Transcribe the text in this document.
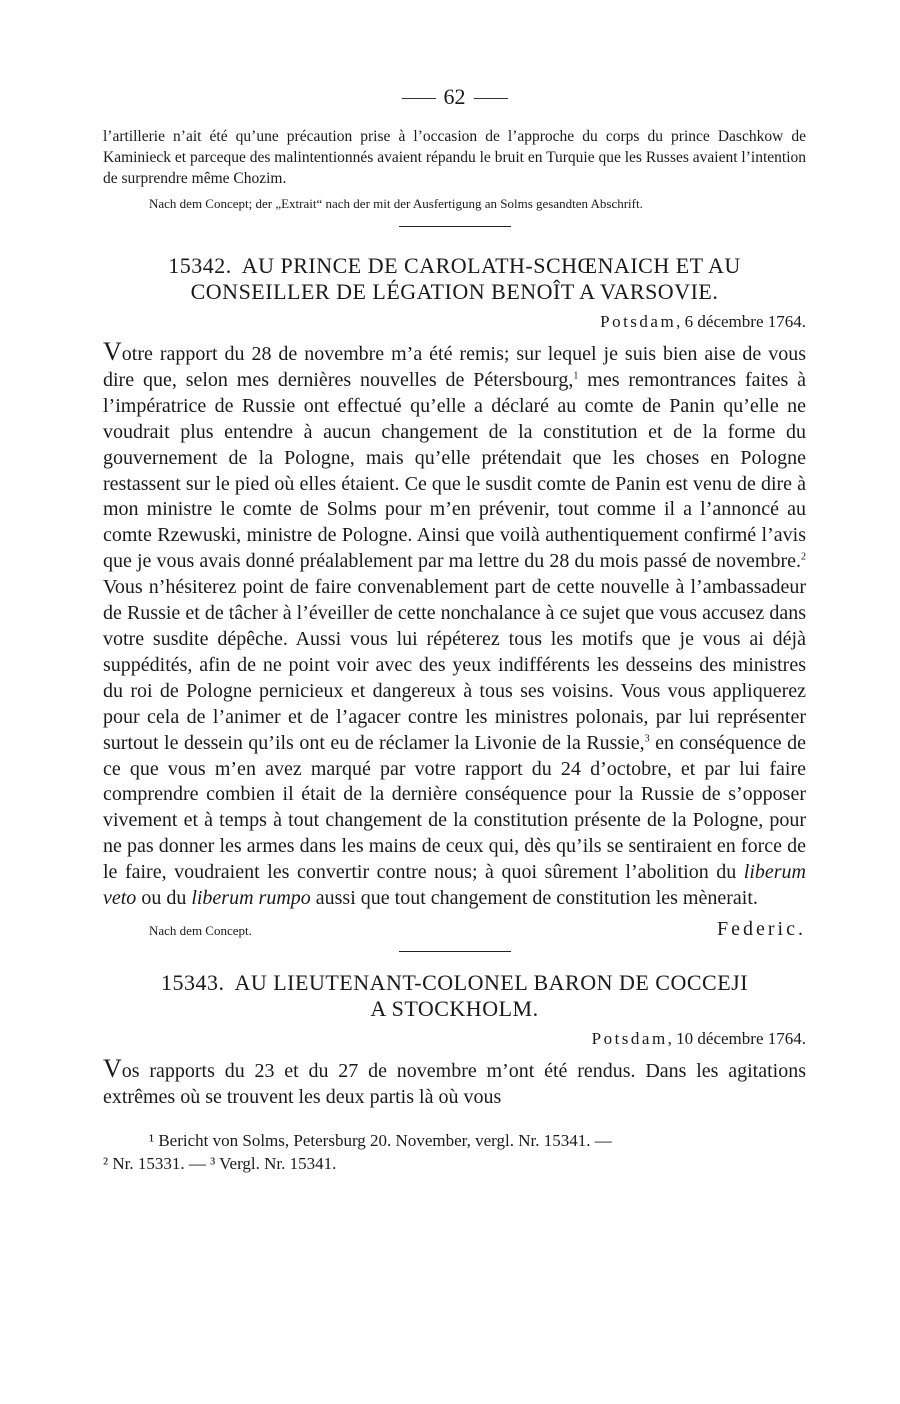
62

l’artillerie n’ait été qu’une précaution prise à l’occasion de l’approche du corps du prince Daschkow de Kaminieck et parceque des malintentionnés avaient répandu le bruit en Turquie que les Russes avaient l’intention de surprendre même Chozim.

Nach dem Concept; der „Extrait“ nach der mit der Ausfertigung an Solms gesandten Abschrift.

15342. AU PRINCE DE CAROLATH-SCHŒNAICH ET AU
CONSEILLER DE LÉGATION BENOÎT A VARSOVIE.
Potsdam, 6 décembre 1764.

Votre rapport du 28 de novembre m’a été remis; sur lequel je suis bien aise de vous dire que, selon mes dernières nouvelles de Pétersbourg,$^1$ mes remontrances faites à l’impératrice de Russie ont effectué qu’elle a déclaré au comte de Panin qu’elle ne voudrait plus entendre à aucun changement de la constitution et de la forme du gouvernement de la Pologne, mais qu’elle prétendait que les choses en Pologne restassent sur le pied où elles étaient. Ce que le susdit comte de Panin est venu de dire à mon ministre le comte de Solms pour m’en prévenir, tout comme il a l’annoncé au comte Rzewuski, ministre de Pologne. Ainsi que voilà authentiquement confirmé l’avis que je vous avais donné préalablement par ma lettre du 28 du mois passé de novembre.$^2$ Vous n’hésiterez point de faire convenablement part de cette nouvelle à l’ambassadeur de Russie et de tâcher à l’éveiller de cette nonchalance à ce sujet que vous accusez dans votre susdite dépêche. Aussi vous lui répéterez tous les motifs que je vous ai déjà suppédités, afin de ne point voir avec des yeux indifférents les desseins des ministres du roi de Pologne pernicieux et dangereux à tous ses voisins. Vous vous appliquerez pour cela de l’animer et de l’agacer contre les ministres polonais, par lui représenter surtout le dessein qu’ils ont eu de réclamer la Livonie de la Russie,$^3$ en conséquence de ce que vous m’en avez marqué par votre rapport du 24 d’octobre, et par lui faire comprendre combien il était de la dernière conséquence pour la Russie de s’opposer vivement et à temps à tout changement de la constitution présente de la Pologne, pour ne pas donner les armes dans les mains de ceux qui, dès qu’ils se sentiraient en force de le faire, voudraient les convertir contre nous; à quoi sûrement l’abolition du liberum veto ou du liberum rumpo aussi que tout changement de constitution les mènerait.

Nach dem Concept.	Federic.
15343. AU LIEUTENANT-COLONEL BARON DE COCCEJI
A STOCKHOLM.
Potsdam, 10 décembre 1764.

Vos rapports du 23 et du 27 de novembre m’ont été rendus. Dans les agitations extrêmes où se trouvent les deux partis là où vous

¹ Bericht von Solms, Petersburg 20. November, vergl. Nr. 15341. —
² Nr. 15331. — ³ Vergl. Nr. 15341.
